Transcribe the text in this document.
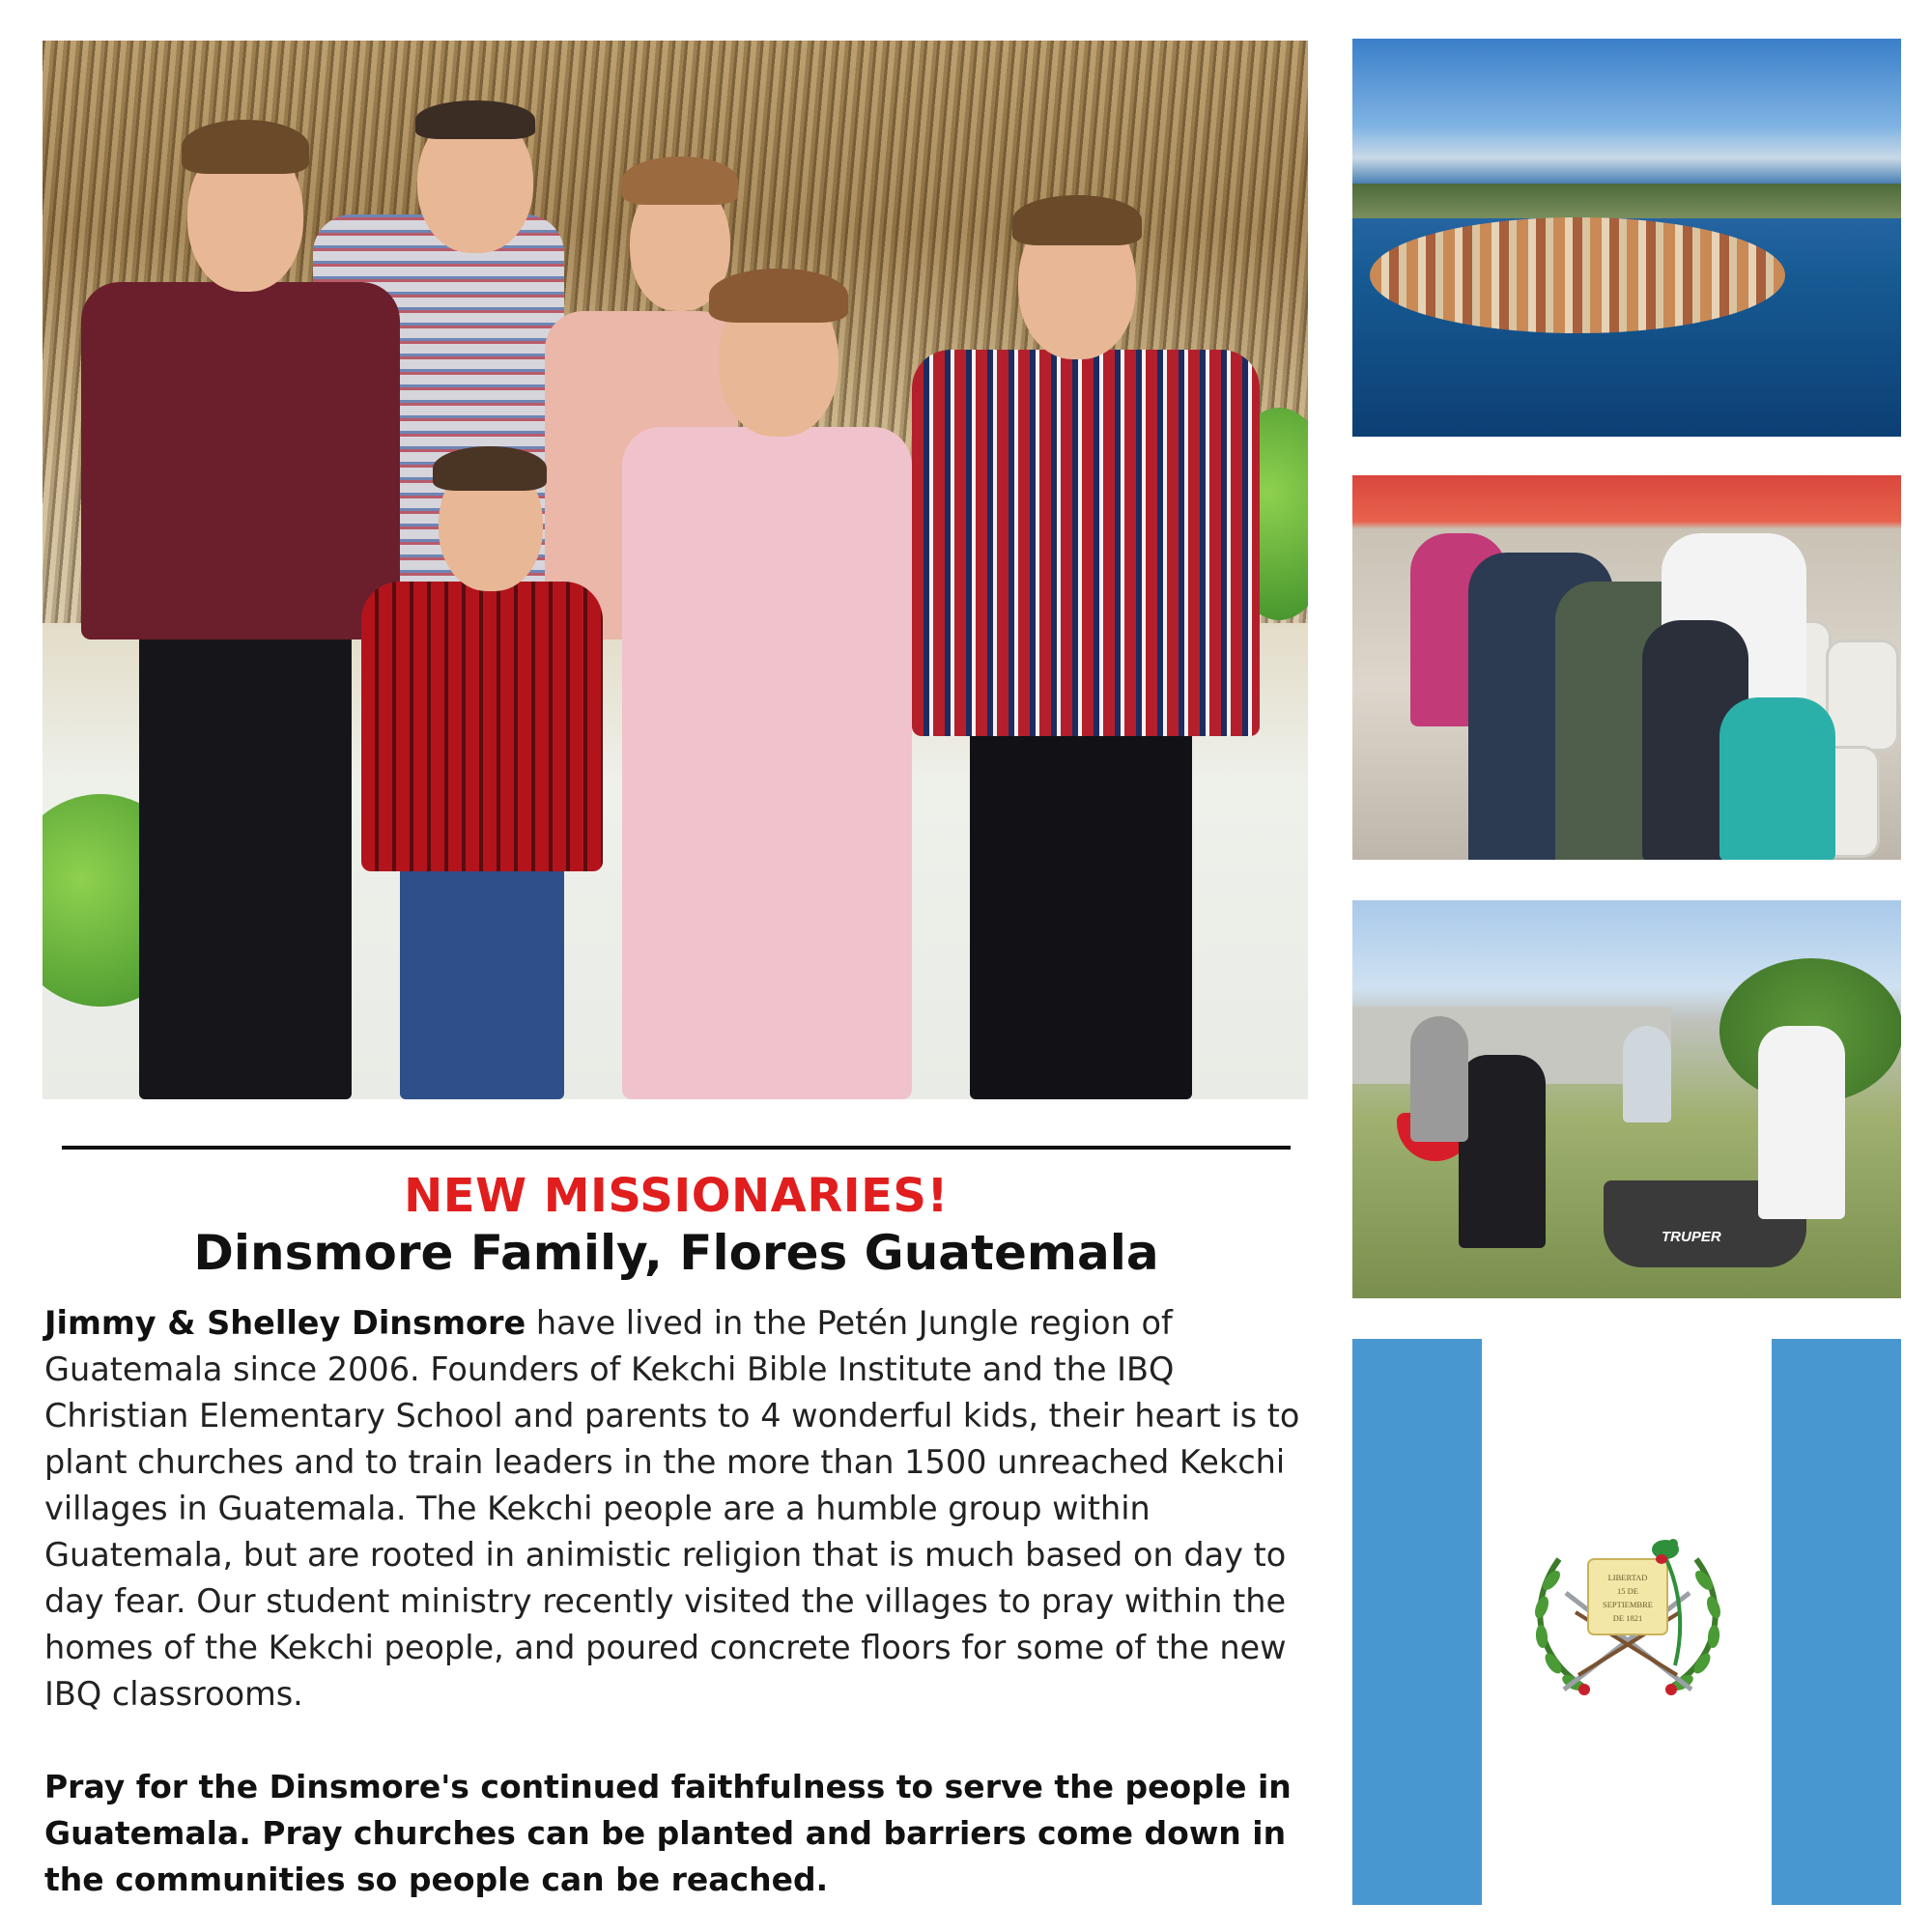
TRUPER
LIBERTAD
15 DE
SEPTIEMBRE
DE 1821
NEW MISSIONARIES!
Dinsmore Family, Flores Guatemala
Jimmy & Shelley Dinsmore have lived in the Petén Jungle region of Guatemala since 2006. Founders of Kekchi Bible Institute and the IBQ Christian Elementary School and parents to 4 wonderful kids, their heart is to plant churches and to train leaders in the more than 1500 unreached Kekchi villages in Guatemala. The Kekchi people are a humble group within Guatemala, but are rooted in animistic religion that is much based on day to day fear. Our student ministry recently visited the villages to pray within the homes of the Kekchi people, and poured concrete floors for some of the new IBQ classrooms.
Pray for the Dinsmore's continued faithfulness to serve the people in Guatemala. Pray churches can be planted and barriers come down in the communities so people can be reached.
